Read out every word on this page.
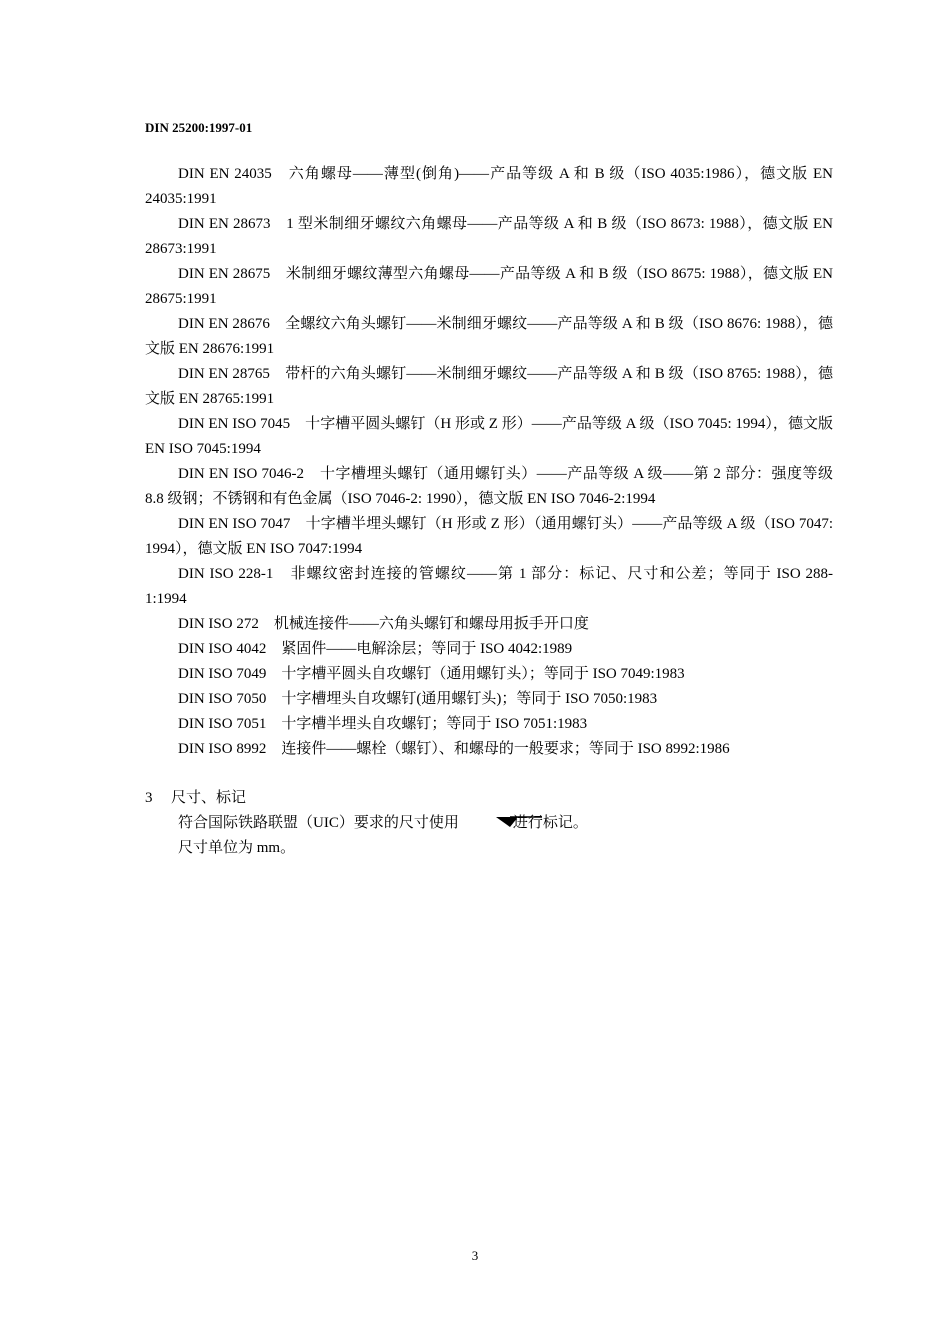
DIN 25200:1997-01

DIN EN 24035　六角螺母——薄型(倒角)——产品等级 A 和 B 级（ISO 4035:1986），德文版 EN 24035:1991

DIN EN 28673　1 型米制细牙螺纹六角螺母——产品等级 A 和 B 级（ISO 8673: 1988），德文版 EN 28673:1991

DIN EN 28675　米制细牙螺纹薄型六角螺母——产品等级 A 和 B 级（ISO 8675: 1988），德文版 EN 28675:1991

DIN EN 28676　全螺纹六角头螺钉——米制细牙螺纹——产品等级 A 和 B 级（ISO 8676: 1988），德文版 EN 28676:1991

DIN EN 28765　带杆的六角头螺钉——米制细牙螺纹——产品等级 A 和 B 级（ISO 8765: 1988），德文版 EN 28765:1991

DIN EN ISO 7045　十字槽平圆头螺钉（H 形或 Z 形）——产品等级 A 级（ISO 7045: 1994），德文版 EN ISO 7045:1994

DIN EN ISO 7046-2　十字槽埋头螺钉（通用螺钉头）——产品等级 A 级——第 2 部分：强度等级 8.8 级钢；不锈钢和有色金属（ISO 7046-2: 1990），德文版 EN ISO 7046-2:1994

DIN EN ISO 7047　十字槽半埋头螺钉（H 形或 Z 形）（通用螺钉头）——产品等级 A 级（ISO 7047: 1994），德文版 EN ISO 7047:1994

DIN ISO 228-1　非螺纹密封连接的管螺纹——第 1 部分：标记、尺寸和公差；等同于 ISO 288-1:1994

DIN ISO 272　机械连接件——六角头螺钉和螺母用扳手开口度

DIN ISO 4042　紧固件——电解涂层；等同于 ISO 4042:1989

DIN ISO 7049　十字槽平圆头自攻螺钉（通用螺钉头）；等同于 ISO 7049:1983

DIN ISO 7050　十字槽埋头自攻螺钉(通用螺钉头)；等同于 ISO 7050:1983

DIN ISO 7051　十字槽半埋头自攻螺钉；等同于 ISO 7051:1983

DIN ISO 8992　连接件——螺栓（螺钉）、和螺母的一般要求；等同于 ISO 8992:1986

3 尺寸、标记

符合国际铁路联盟（UIC）要求的尺寸使用	进行标记。

尺寸单位为 mm。

3
